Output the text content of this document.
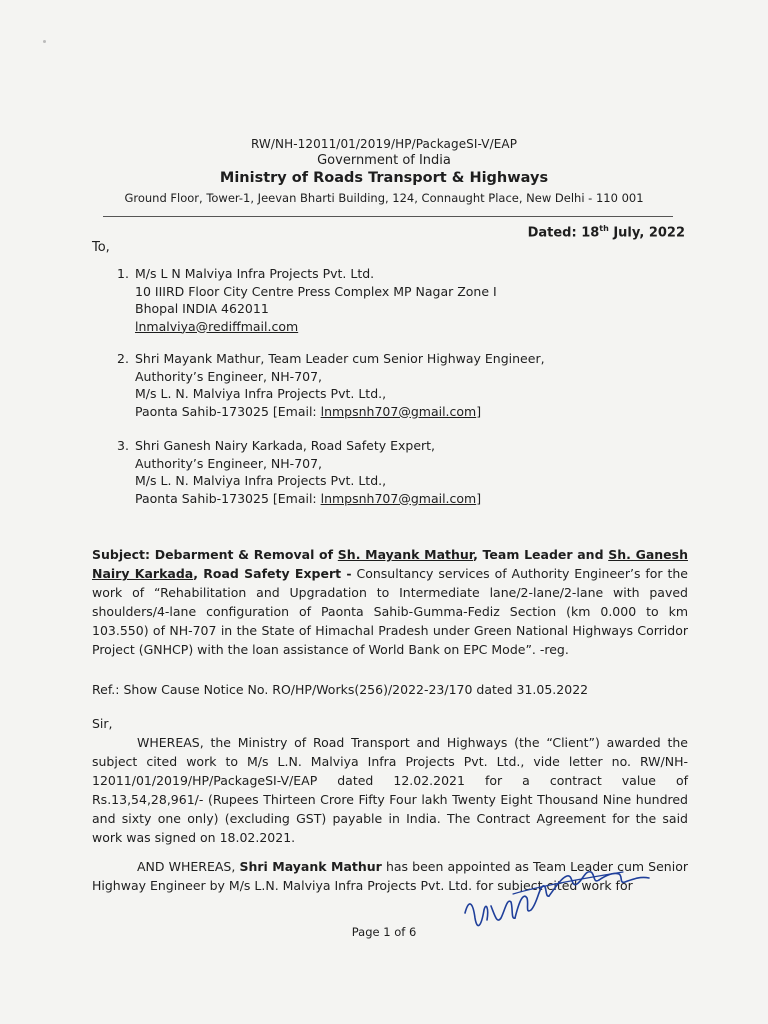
RW/NH-12011/01/2019/HP/PackageSI-V/EAP
Government of India
Ministry of Roads Transport & Highways
Ground Floor, Tower-1, Jeevan Bharti Building, 124, Connaught Place, New Delhi - 110 001
Dated: 18th July, 2022
To,
1. M/s L N Malviya Infra Projects Pvt. Ltd.
10 IIIRD Floor City Centre Press Complex MP Nagar Zone I
Bhopal INDIA 462011
lnmalviya@rediffmail.com
2. Shri Mayank Mathur, Team Leader cum Senior Highway Engineer,
Authority’s Engineer, NH-707,
M/s L. N. Malviya Infra Projects Pvt. Ltd.,
Paonta Sahib-173025 [Email: lnmpsnh707@gmail.com]
3. Shri Ganesh Nairy Karkada, Road Safety Expert,
Authority’s Engineer, NH-707,
M/s L. N. Malviya Infra Projects Pvt. Ltd.,
Paonta Sahib-173025 [Email: lnmpsnh707@gmail.com]
Subject: Debarment & Removal of Sh. Mayank Mathur, Team Leader and Sh. Ganesh Nairy Karkada, Road Safety Expert - Consultancy services of Authority Engineer’s for the work of “Rehabilitation and Upgradation to Intermediate lane/2-lane/2-lane with paved shoulders/4-lane configuration of Paonta Sahib-Gumma-Fediz Section (km 0.000 to km 103.550) of NH-707 in the State of Himachal Pradesh under Green National Highways Corridor Project (GNHCP) with the loan assistance of World Bank on EPC Mode”. -reg.
Ref.: Show Cause Notice No. RO/HP/Works(256)/2022-23/170 dated 31.05.2022
Sir,
WHEREAS, the Ministry of Road Transport and Highways (the “Client”) awarded the subject cited work to M/s L.N. Malviya Infra Projects Pvt. Ltd., vide letter no. RW/NH-12011/01/2019/HP/PackageSI-V/EAP dated 12.02.2021 for a contract value of Rs.13,54,28,961/- (Rupees Thirteen Crore Fifty Four lakh Twenty Eight Thousand Nine hundred and sixty one only) (excluding GST) payable in India. The Contract Agreement for the said work was signed on 18.02.2021.
AND WHEREAS, Shri Mayank Mathur has been appointed as Team Leader cum Senior Highway Engineer by M/s L.N. Malviya Infra Projects Pvt. Ltd. for subject cited work for
Page 1 of 6
